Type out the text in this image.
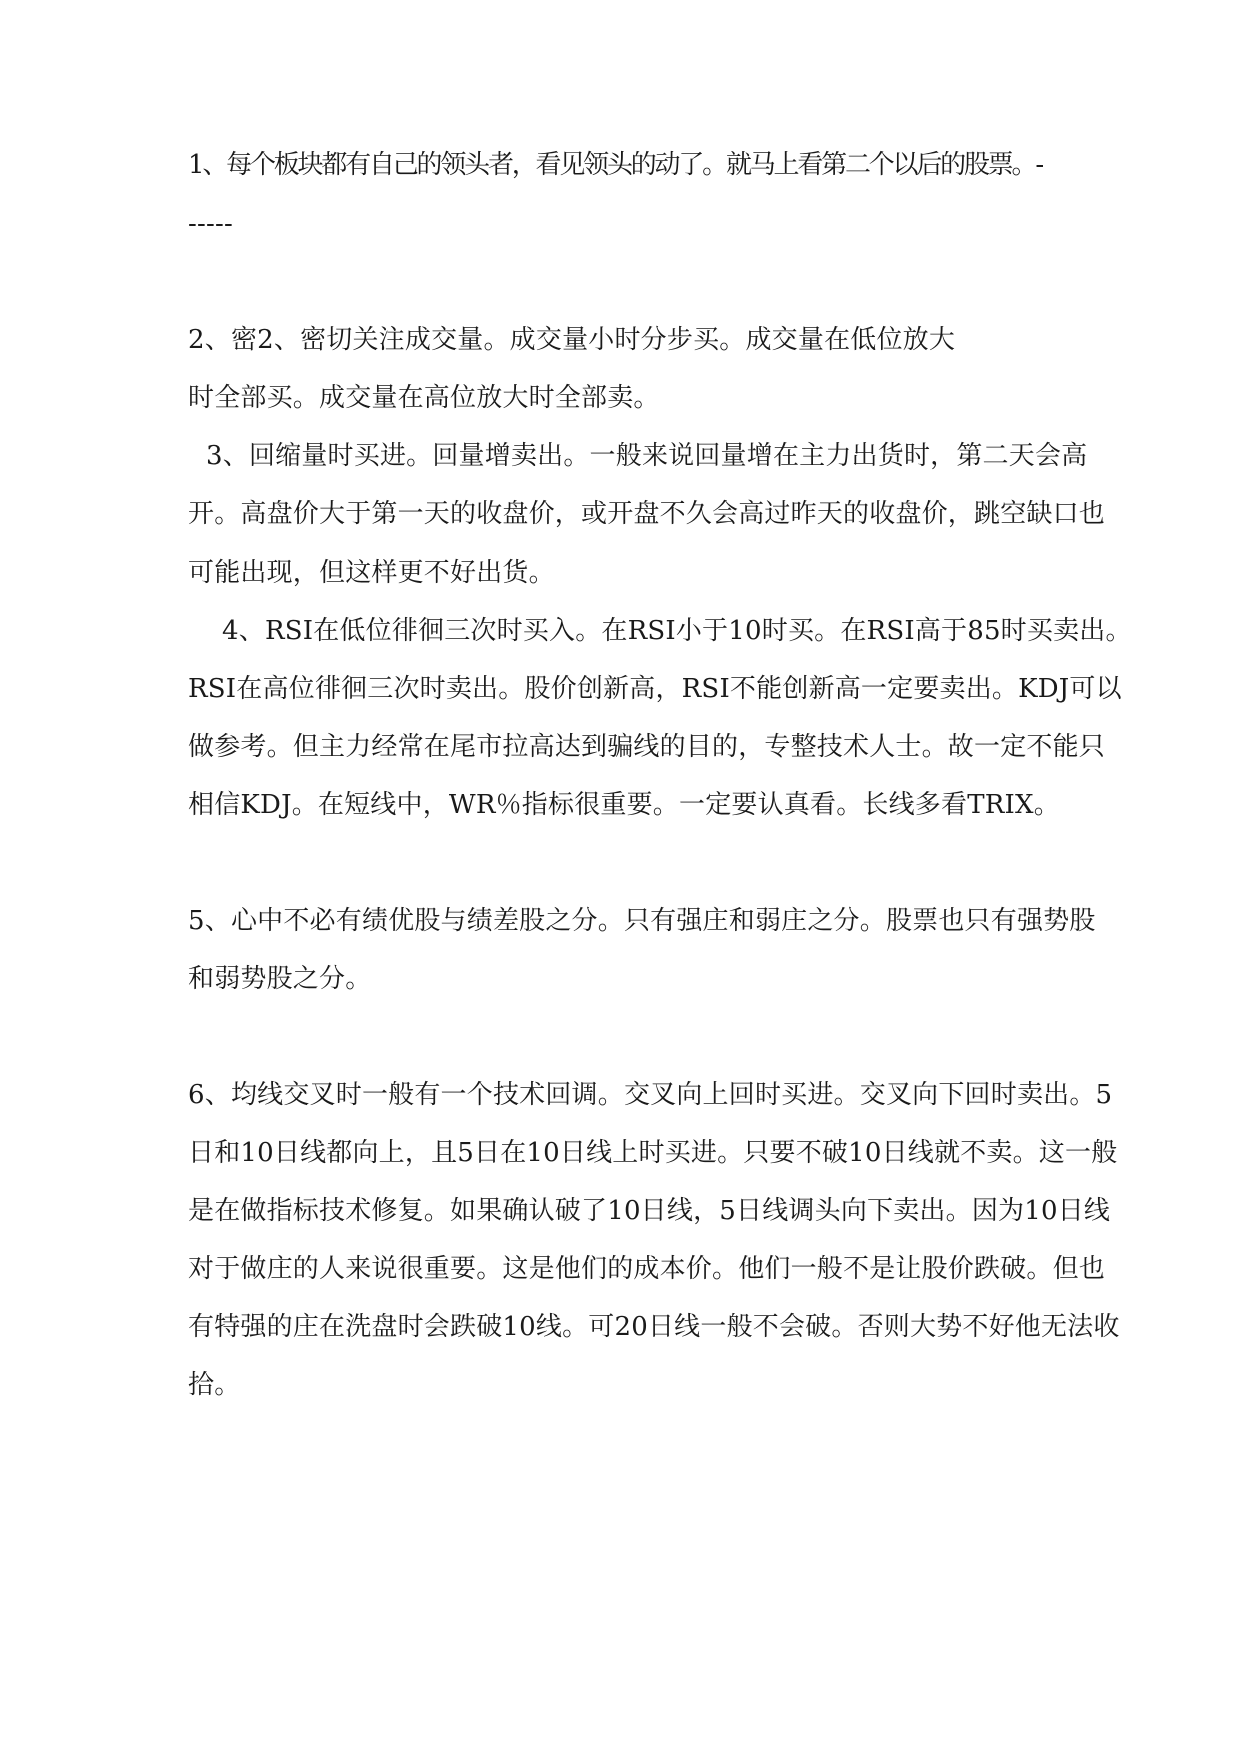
1、每个板块都有自己的领头者，看见领头的动了。就马上看第二个以后的股票。-
-----
2、密2、密切关注成交量。成交量小时分步买。成交量在低位放大
时全部买。成交量在高位放大时全部卖。
3、回缩量时买进。回量增卖出。一般来说回量增在主力出货时，第二天会高
开。高盘价大于第一天的收盘价，或开盘不久会高过昨天的收盘价，跳空缺口也
可能出现，但这样更不好出货。
4、RSI在低位徘徊三次时买入。在RSI小于10时买。在RSI高于85时买卖出。
RSI在高位徘徊三次时卖出。股价创新高，RSI不能创新高一定要卖出。KDJ可以
做参考。但主力经常在尾市拉高达到骗线的目的，专整技术人士。故一定不能只
相信KDJ。在短线中，WR％指标很重要。一定要认真看。长线多看TRIX。
5、心中不必有绩优股与绩差股之分。只有强庄和弱庄之分。股票也只有强势股
和弱势股之分。
6、均线交叉时一般有一个技术回调。交叉向上回时买进。交叉向下回时卖出。5
日和10日线都向上，且5日在10日线上时买进。只要不破10日线就不卖。这一般
是在做指标技术修复。如果确认破了10日线，5日线调头向下卖出。因为10日线
对于做庄的人来说很重要。这是他们的成本价。他们一般不是让股价跌破。但也
有特强的庄在洗盘时会跌破10线。可20日线一般不会破。否则大势不好他无法收
拾。
